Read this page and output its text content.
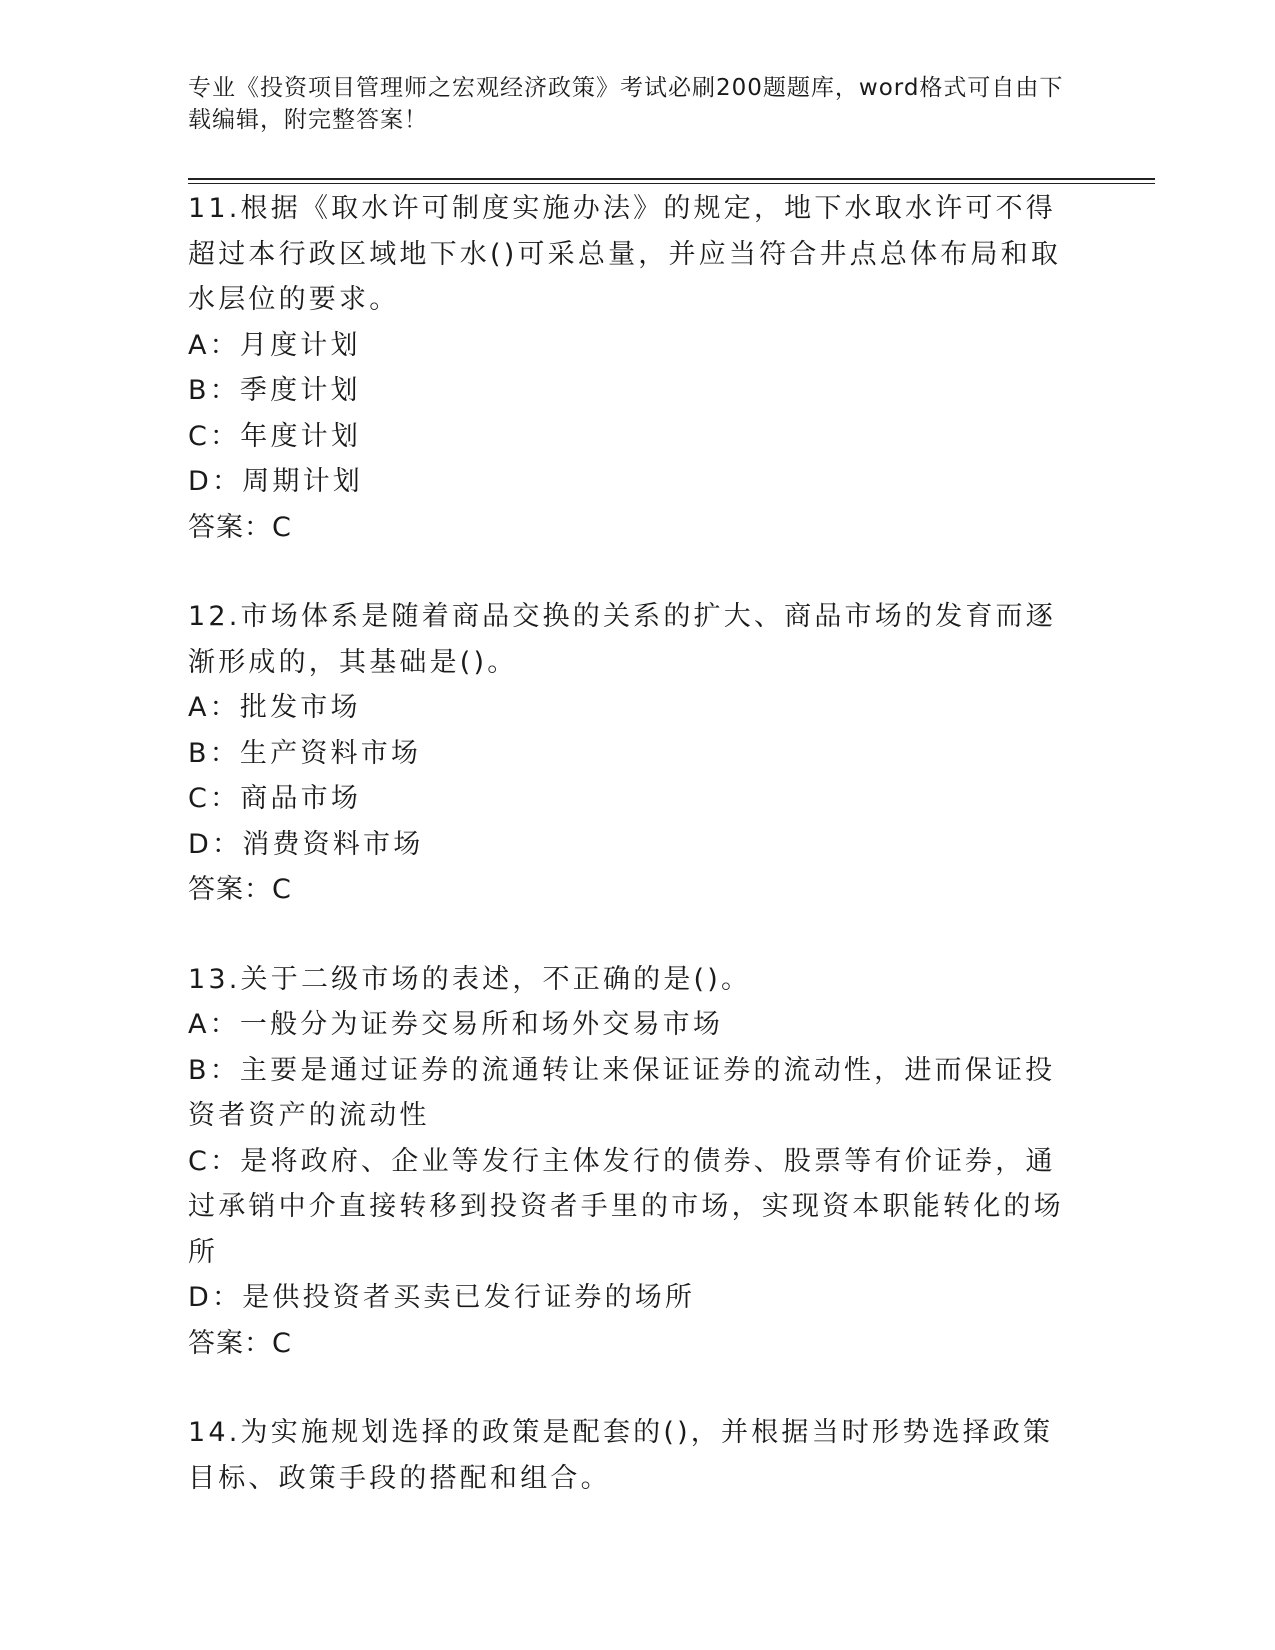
专业《投资项目管理师之宏观经济政策》考试必刷200题题库，word格式可自由下载编辑，附完整答案！

11.根据《取水许可制度实施办法》的规定，地下水取水许可不得超过本行政区域地下水()可采总量，并应当符合井点总体布局和取水层位的要求。

A：月度计划

B：季度计划

C：年度计划

D：周期计划

答案：C

12.市场体系是随着商品交换的关系的扩大、商品市场的发育而逐渐形成的，其基础是()。

A：批发市场

B：生产资料市场

C：商品市场

D：消费资料市场

答案：C

13.关于二级市场的表述，不正确的是()。

A：一般分为证券交易所和场外交易市场

B：主要是通过证券的流通转让来保证证券的流动性，进而保证投资者资产的流动性

C：是将政府、企业等发行主体发行的债券、股票等有价证券，通过承销中介直接转移到投资者手里的市场，实现资本职能转化的场所

D：是供投资者买卖已发行证券的场所

答案：C

14.为实施规划选择的政策是配套的()，并根据当时形势选择政策目标、政策手段的搭配和组合。
